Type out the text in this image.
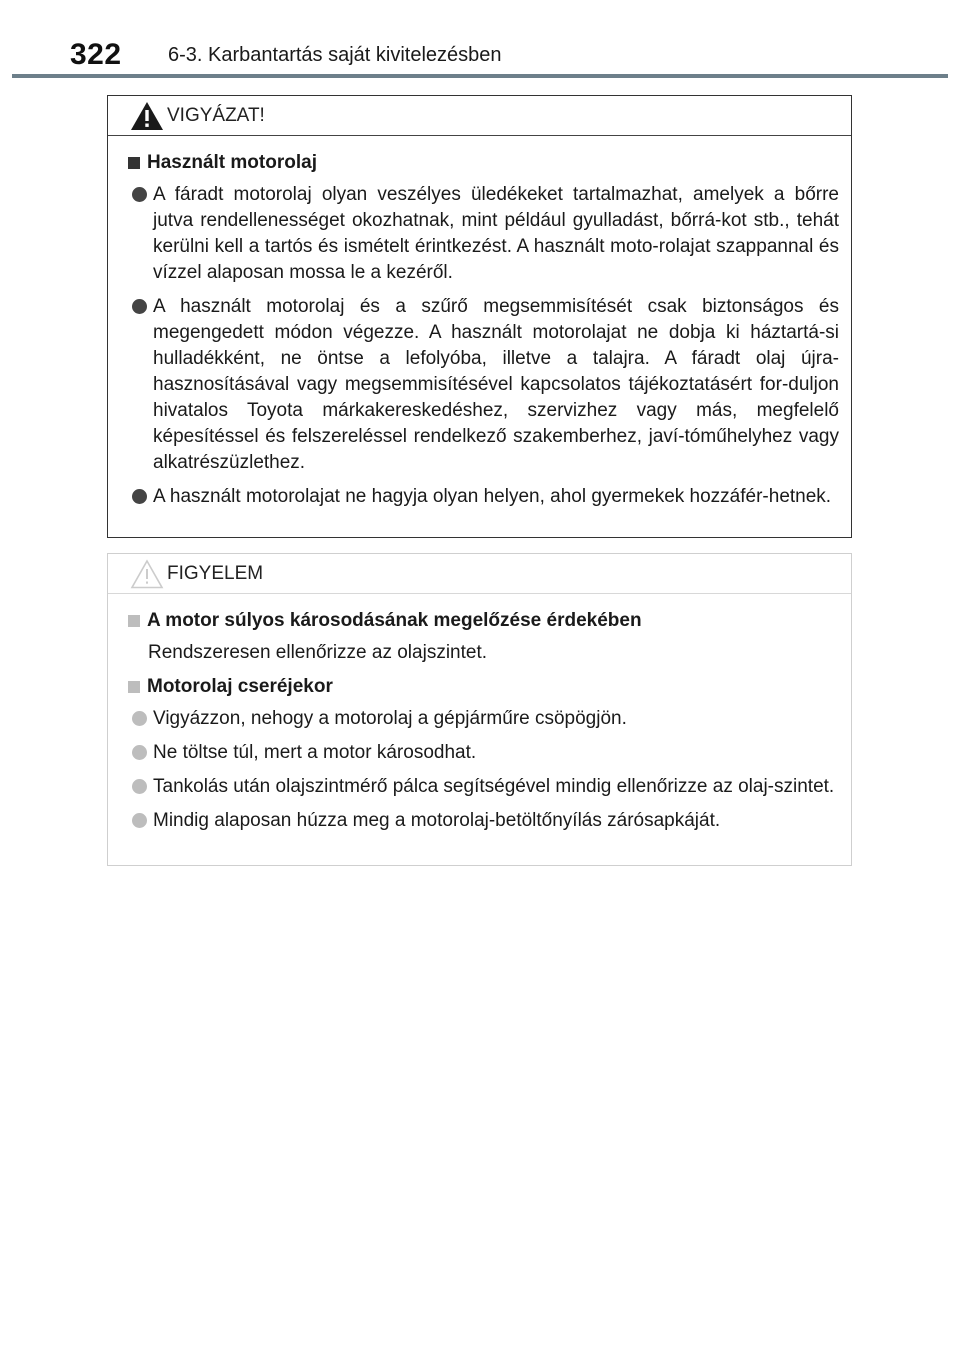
322 6-3. Karbantartás saját kivitelezésben
VIGYÁZAT!
Használt motorolaj
A fáradt motorolaj olyan veszélyes üledékeket tartalmazhat, amelyek a bőrre jutva rendellenességet okozhatnak, mint például gyulladást, bőrrá-kot stb., tehát kerülni kell a tartós és ismételt érintkezést. A használt moto-rolajat szappannal és vízzel alaposan mossa le a kezéről.
A használt motorolaj és a szűrő megsemmisítését csak biztonságos és megengedett módon végezze. A használt motorolajat ne dobja ki háztartá-si hulladékként, ne öntse a lefolyóba, illetve a talajra. A fáradt olaj újra-hasznosításával vagy megsemmisítésével kapcsolatos tájékoztatásért for-duljon hivatalos Toyota márkakereskedéshez, szervizhez vagy más, megfelelő képesítéssel és felszereléssel rendelkező szakemberhez, javí-tóműhelyhez vagy alkatrészüzlethez.
A használt motorolajat ne hagyja olyan helyen, ahol gyermekek hozzáfér-hetnek.
FIGYELEM
A motor súlyos károsodásának megelőzése érdekében
Rendszeresen ellenőrizze az olajszintet.
Motorolaj cseréjekor
Vigyázzon, nehogy a motorolaj a gépjárműre csöpögjön.
Ne töltse túl, mert a motor károsodhat.
Tankolás után olajszintmérő pálca segítségével mindig ellenőrizze az olaj-szintet.
Mindig alaposan húzza meg a motorolaj-betöltőnyílás zárósapkáját.
